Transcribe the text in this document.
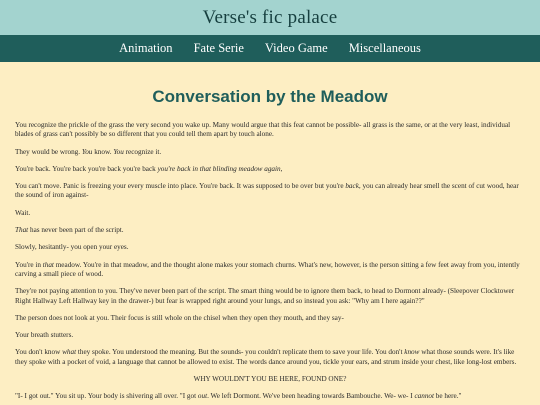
Verse's fic palace
Animation Fate Serie Video Game Miscellaneous
Conversation by the Meadow

You recognize the prickle of the grass the very second you wake up. Many would argue that this feat cannot be possible- all grass is the same, or at the very least, individual blades of grass can't possibly be so different that you could tell them apart by touch alone.

They would be wrong. You know. You recognize it.

You're back. You're back you're back you're back you're back in that blinding meadow again,

You can't move. Panic is freezing your every muscle into place. You're back. It was supposed to be over but you're back, you can already hear smell the scent of cut wood, hear the sound of iron against-

Wait.

That has never been part of the script.

Slowly, hesitantly- you open your eyes.

You're in that meadow. You're in that meadow, and the thought alone makes your stomach churns. What's new, however, is the person sitting a few feet away from you, intently carving a small piece of wood.

They're not paying attention to you. They've never been part of the script. The smart thing would be to ignore them back, to head to Dormont already- (Sleepover Clocktower Right Hallway Left Hallway key in the drawer-) but fear is wrapped right around your lungs, and so instead you ask: "Why am I here again??"

The person does not look at you. Their focus is still whole on the chisel when they open they mouth, and they say-

Your breath stutters.

You don't know what they spoke. You understood the meaning. But the sounds- you couldn't replicate them to save your life. You don't know what those sounds were. It's like they spoke with a pocket of void, a language that cannot be allowed to exist. The words dance around you, tickle your ears, and strum inside your chest, like long-lost embers.

WHY WOULDN'T YOU BE HERE, FOUND ONE?

"I- I got out." You sit up. Your body is shivering all over. "I got out. We left Dormont. We've been heading towards Bambouche. We- we- I cannot be here."
